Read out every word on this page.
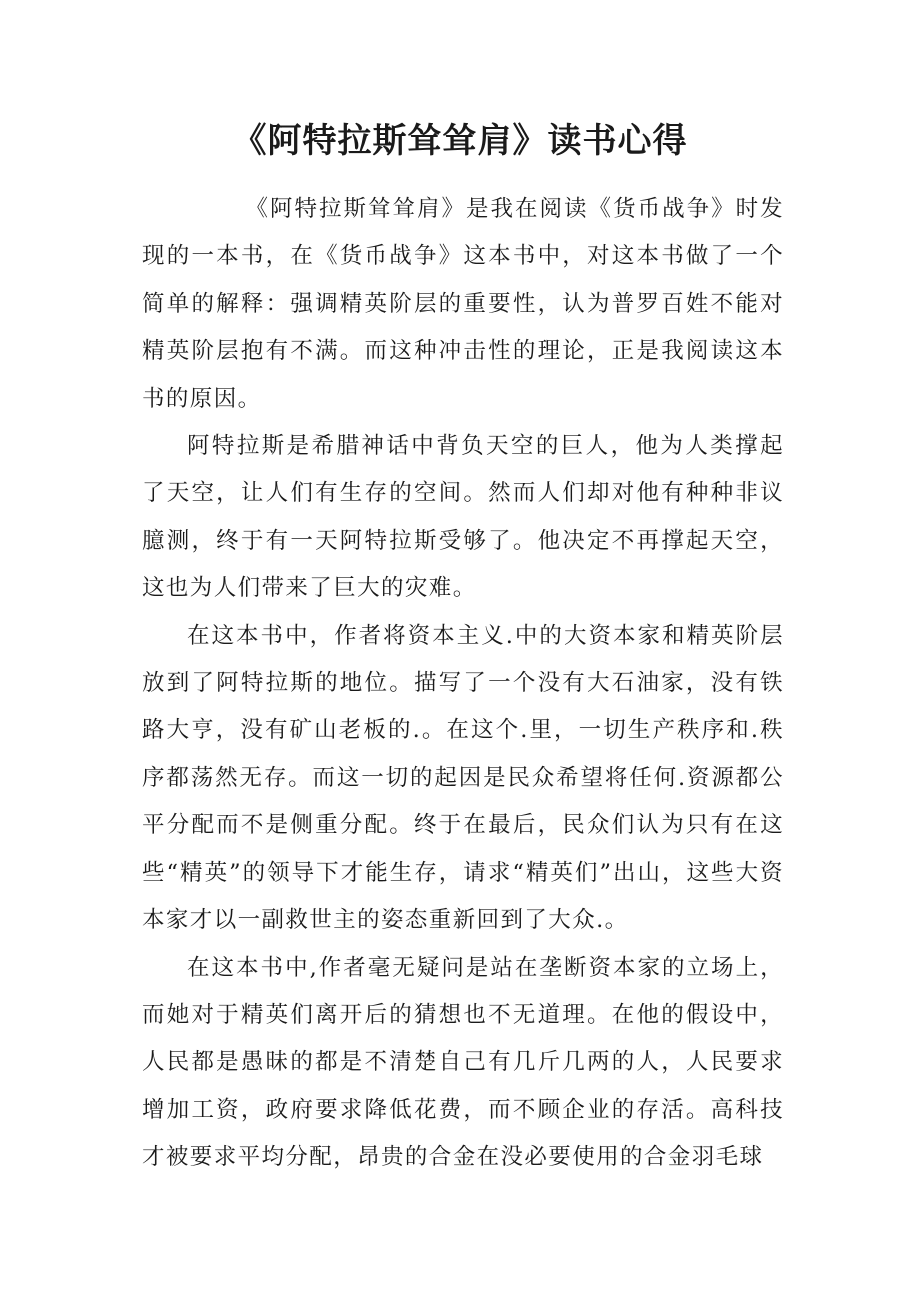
《阿特拉斯耸耸肩》读书心得

《阿特拉斯耸耸肩》是我在阅读《货币战争》时发现的一本书，在《货币战争》这本书中，对这本书做了一个简单的解释：强调精英阶层的重要性，认为普罗百姓不能对精英阶层抱有不满。而这种冲击性的理论，正是我阅读这本书的原因。

阿特拉斯是希腊神话中背负天空的巨人，他为人类撑起了天空，让人们有生存的空间。然而人们却对他有种种非议臆测，终于有一天阿特拉斯受够了。他决定不再撑起天空，这也为人们带来了巨大的灾难。

在这本书中，作者将资本主义.中的大资本家和精英阶层放到了阿特拉斯的地位。描写了一个没有大石油家，没有铁路大亨，没有矿山老板的.。在这个.里，一切生产秩序和.秩序都荡然无存。而这一切的起因是民众希望将任何.资源都公平分配而不是侧重分配。终于在最后，民众们认为只有在这些“精英”的领导下才能生存，请求“精英们”出山，这些大资本家才以一副救世主的姿态重新回到了大众.。

在这本书中,作者毫无疑问是站在垄断资本家的立场上，而她对于精英们离开后的猜想也不无道理。在他的假设中，人民都是愚昧的都是不清楚自己有几斤几两的人，人民要求增加工资，政府要求降低花费，而不顾企业的存活。高科技才被要求平均分配，昂贵的合金在没必要使用的合金羽毛球
